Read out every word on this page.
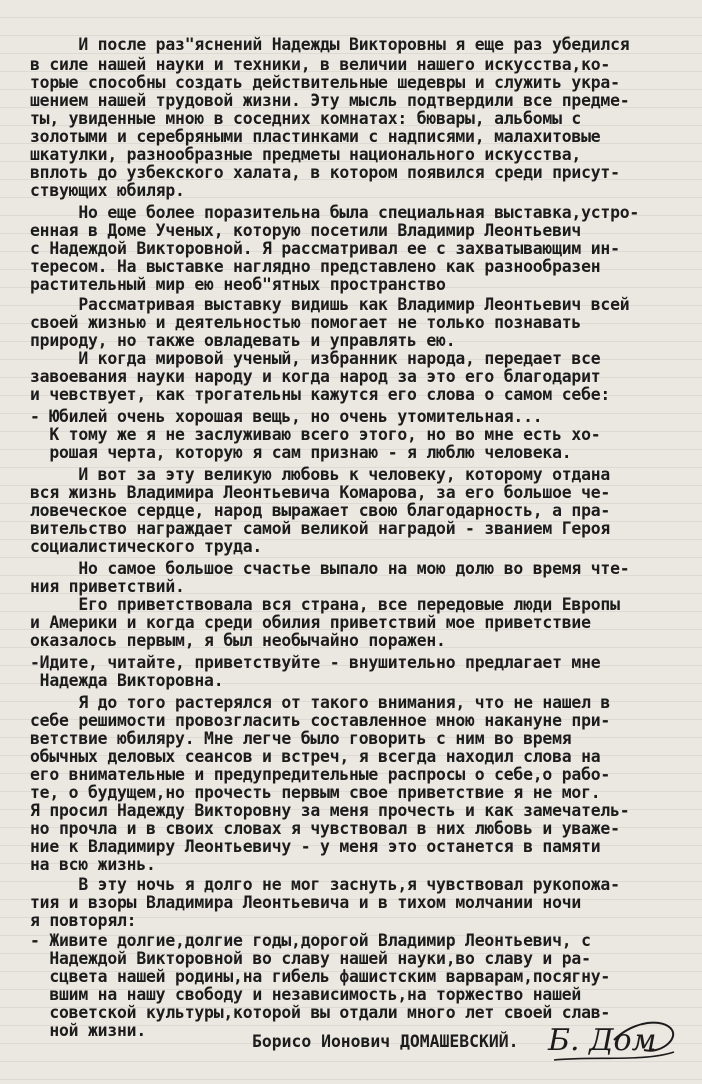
И после раз"яснений Надежды Викторовны я еще раз убедился
в силе нашей науки и техники, в величии нашего искусства,ко-
торые способны создать действительные шедевры и служить укра-
шением нашей трудовой жизни. Эту мысль подтвердили все предме-
ты, увиденные мною в соседних комнатах: бювары, альбомы с
золотыми и серебряными пластинками с надписями, малахитовые
шкатулки, разнообразные предметы национального искусства,
вплоть до узбекского халата, в котором появился среди присут-
ствующих юбиляр.
Но еще более поразительна была специальная выставка,устро-
енная в Доме Ученых, которую посетили Владимир Леонтьевич
с Надеждой Викторовной. Я рассматривал ее с захватывающим ин-
тересом. На выставке наглядно представлено как разнообразен
растительный мир ею необ"ятных пространство
Рассматривая выставку видишь как Владимир Леонтьевич всей
своей жизнью и деятельностью помогает не только познавать
природу, но также овладевать и управлять ею.
И когда мировой ученый, избранник народа, передает все
завоевания науки народу и когда народ за это его благодарит
и чевствует, как трогательны кажутся его слова о самом себе:
- Юбилей очень хорошая вещь, но очень утомительная...
К тому же я не заслуживаю всего этого, но во мне есть хо-
рошая черта, которую я сам признаю - я люблю человека.
И вот за эту великую любовь к человеку, которому отдана
вся жизнь Владимира Леонтьевича Комарова, за его большое че-
ловеческое сердце, народ выражает свою благодарность, а пра-
вительство награждает самой великой наградой - званием Героя
социалистического труда.
Но самое большое счастье выпало на мою долю во время чте-
ния приветствий.
Его приветствовала вся страна, все передовые люди Европы
и Америки и когда среди обилия приветствий мое приветствие
оказалось первым, я был необычайно поражен.
-Идите, читайте, приветствуйте - внушительно предлагает мне
Надежда Викторовна.
Я до того растерялся от такого внимания, что не нашел в
себе решимости провозгласить составленное мною накануне при-
ветствие юбиляру. Мне легче было говорить с ним во время
обычных деловых сеансов и встреч, я всегда находил слова на
его внимательные и предупредительные распросы о себе,о рабо-
те, о будущем,но прочесть первым свое приветствие я не мог.
Я просил Надежду Викторовну за меня прочесть и как замечатель-
но прочла и в своих словах я чувствовал в них любовь и уваже-
ние к Владимиру Леонтьевичу - у меня это останется в памяти
на всю жизнь.
В эту ночь я долго не мог заснуть,я чувствовал рукопожа-
тия и взоры Владимира Леонтьевича и в тихом молчании ночи
я повторял:
- Живите долгие,долгие годы,дорогой Владимир Леонтьевич, с
Надеждой Викторовной во славу нашей науки,во славу и ра-
сцвета нашей родины,на гибель фашистским варварам,посягну-
вшим на нашу свободу и независимость,на торжество нашей
советской культуры,которой вы отдали много лет своей слав-
ной жизни.
Борисо Ионович ДОМАШЕВСКИЙ. Б. Дом
